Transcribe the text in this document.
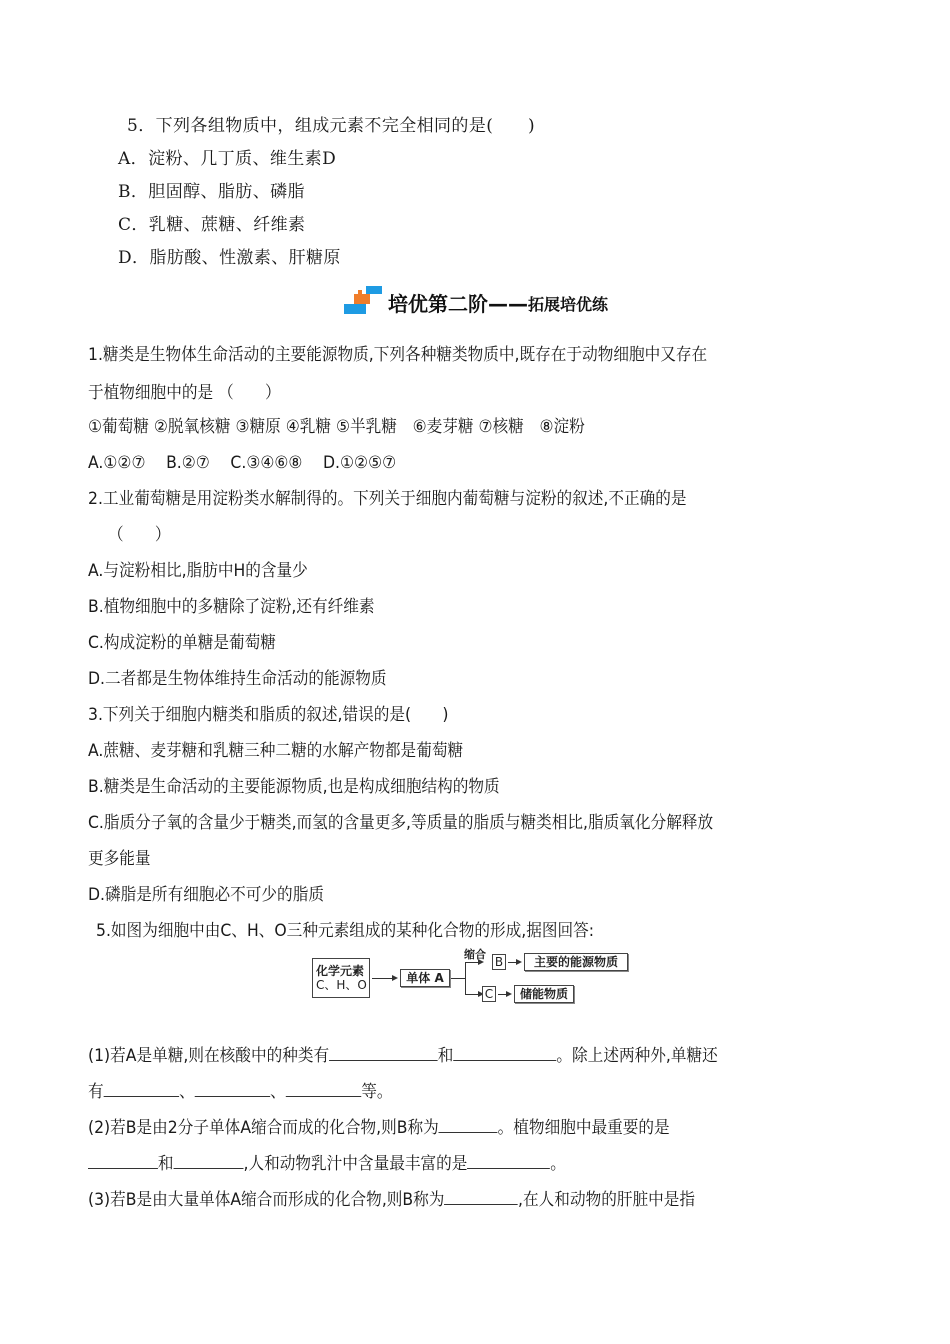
5．下列各组物质中，组成元素不完全相同的是(　　)
A．淀粉、几丁质、维生素D
B．胆固醇、脂肪、磷脂
C．乳糖、蔗糖、纤维素
D．脂肪酸、性激素、肝糖原
培优第二阶—— 拓展培优练
1.糖类是生物体生命活动的主要能源物质,下列各种糖类物质中,既存在于动物细胞中又存在
于植物细胞中的是 （　　）
①葡萄糖 ②脱氧核糖 ③糖原 ④乳糖 ⑤半乳糖　⑥麦芽糖 ⑦核糖　⑧淀粉
A.①②⑦　 B.②⑦　 C.③④⑥⑧　 D.①②⑤⑦
2.工业葡萄糖是用淀粉类水解制得的。下列关于细胞内葡萄糖与淀粉的叙述,不正确的是
（　　）
A.与淀粉相比,脂肪中H的含量少
B.植物细胞中的多糖除了淀粉,还有纤维素
C.构成淀粉的单糖是葡萄糖
D.二者都是生物体维持生命活动的能源物质
3.下列关于细胞内糖类和脂质的叙述,错误的是(　　)
A.蔗糖、麦芽糖和乳糖三种二糖的水解产物都是葡萄糖
B.糖类是生命活动的主要能源物质,也是构成细胞结构的物质
C.脂质分子氧的含量少于糖类,而氢的含量更多,等质量的脂质与糖类相比,脂质氧化分解释放
更多能量
D.磷脂是所有细胞必不可少的脂质
5.如图为细胞中由C、H、O三种元素组成的某种化合物的形成,据图回答:
化学元素
C、H、O	单体 A
缩合
B	主要的能源物质
C	储能物质
(1)若A是单糖,则在核酸中的种类有	和	。除上述两种外,单糖还
有	、	、	等。
(2)若B是由2分子单体A缩合而成的化合物,则B称为	。植物细胞中最重要的是
和	,人和动物乳汁中含量最丰富的是	。
(3)若B是由大量单体A缩合而形成的化合物,则B称为	,在人和动物的肝脏中是指
